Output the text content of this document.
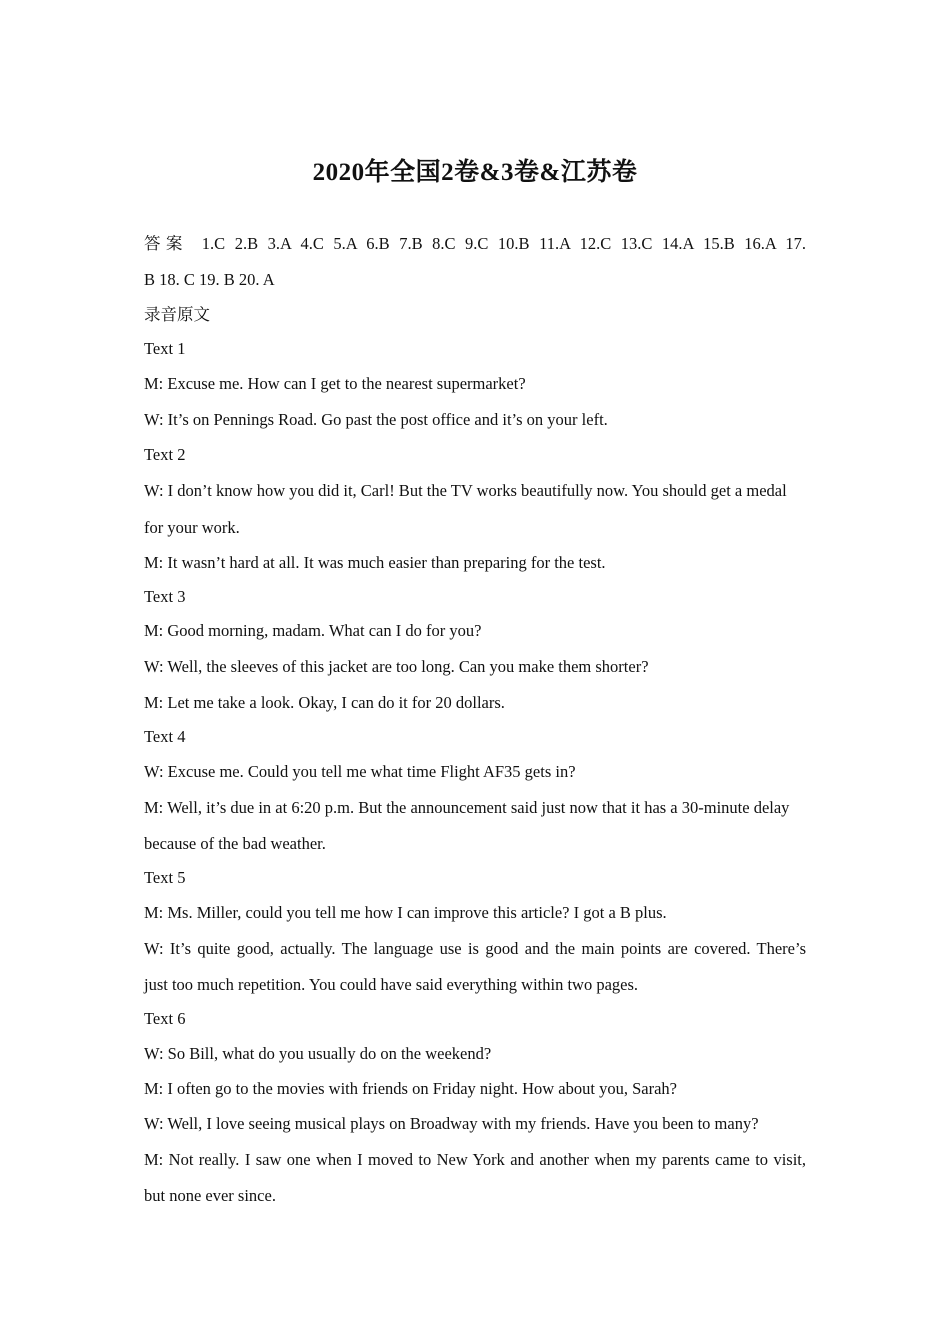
2020年全国2卷&3卷&江苏卷
答案 1.C 2.B 3.A 4.C 5.A 6.B 7.B 8.C 9.C 10.B 11.A 12.C 13.C 14.A 15.B 16.A 17.
B 18. C 19. B 20. A
录音原文
Text 1
M: Excuse me. How can I get to the nearest supermarket?
W: It’s on Pennings Road. Go past the post office and it’s on your left.
Text 2
W: I don’t know how you did it, Carl! But the TV works beautifully now. You should get a medal
for your work.
M: It wasn’t hard at all. It was much easier than preparing for the test.
Text 3
M: Good morning, madam. What can I do for you?
W: Well, the sleeves of this jacket are too long. Can you make them shorter?
M: Let me take a look. Okay, I can do it for 20 dollars.
Text 4
W: Excuse me. Could you tell me what time Flight AF35 gets in?
M: Well, it’s due in at 6:20 p.m. But the announcement said just now that it has a 30-minute delay
because of the bad weather.
Text 5
M: Ms. Miller, could you tell me how I can improve this article? I got a B plus.
W: It’s quite good, actually. The language use is good and the main points are covered. There’s
just too much repetition. You could have said everything within two pages.
Text 6
W: So Bill, what do you usually do on the weekend?
M: I often go to the movies with friends on Friday night. How about you, Sarah?
W: Well, I love seeing musical plays on Broadway with my friends. Have you been to many?
M: Not really. I saw one when I moved to New York and another when my parents came to visit,
but none ever since.
